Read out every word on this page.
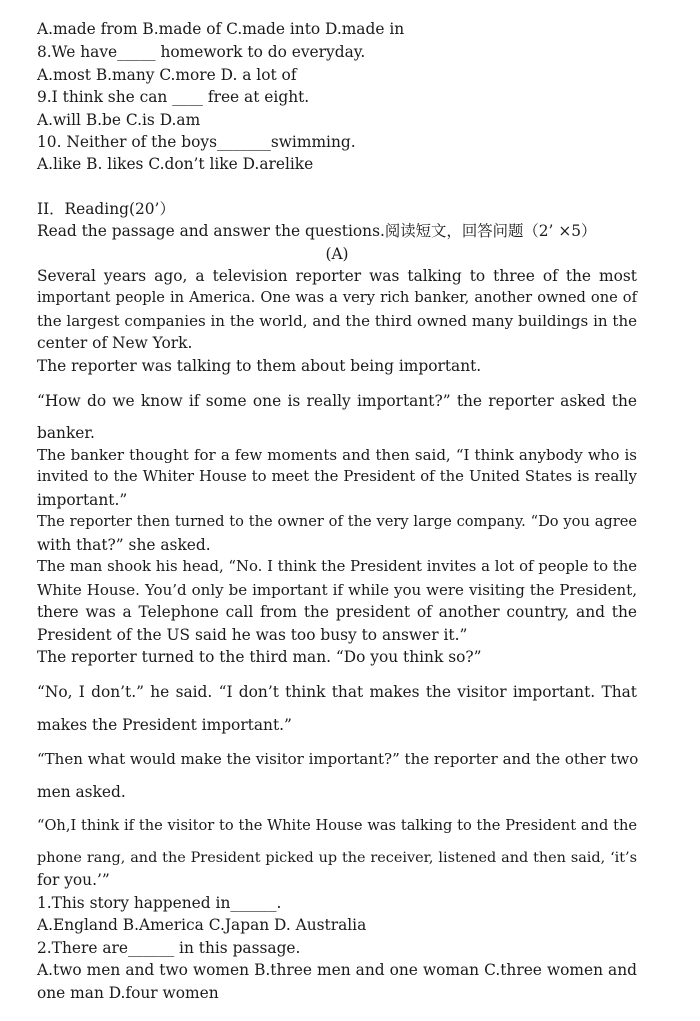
A.made from B.made of C.made into D.made in
8.We have_____ homework to do everyday.
A.most B.many C.more D. a lot of
9.I think she can ____ free at eight.
A.will B.be C.is D.am
10. Neither of the boys_______swimming.
A.like B. likes C.don’t like D.arelike
II．Reading(20’）
Read the passage and answer the questions.阅读短文，回答问题（2’ ×5）
(A)
Several years ago, a television reporter was talking to three of the most
important people in America. One was a very rich banker, another owned one of
the largest companies in the world, and the third owned many buildings in the
center of New York.
The reporter was talking to them about being important.
“How do we know if some one is really important?” the reporter asked the
banker.
The banker thought for a few moments and then said, “I think anybody who is
invited to the Whiter House to meet the President of the United States is really
important.”
The reporter then turned to the owner of the very large company. “Do you agree
with that?” she asked.
The man shook his head, “No. I think the President invites a lot of people to the
White House. You’d only be important if while you were visiting the President,
there was a Telephone call from the president of another country, and the
President of the US said he was too busy to answer it.”
The reporter turned to the third man. “Do you think so?”
“No, I don’t.” he said. “I don’t think that makes the visitor important. That
makes the President important.”
“Then what would make the visitor important?” the reporter and the other two
men asked.
“Oh,I think if the visitor to the White House was talking to the President and the
phone rang, and the President picked up the receiver, listened and then said, ‘it’s
for you.’”
1.This story happened in______.
A.England B.America C.Japan D. Australia
2.There are______ in this passage.
A.two men and two women B.three men and one woman C.three women and
one man D.four women
